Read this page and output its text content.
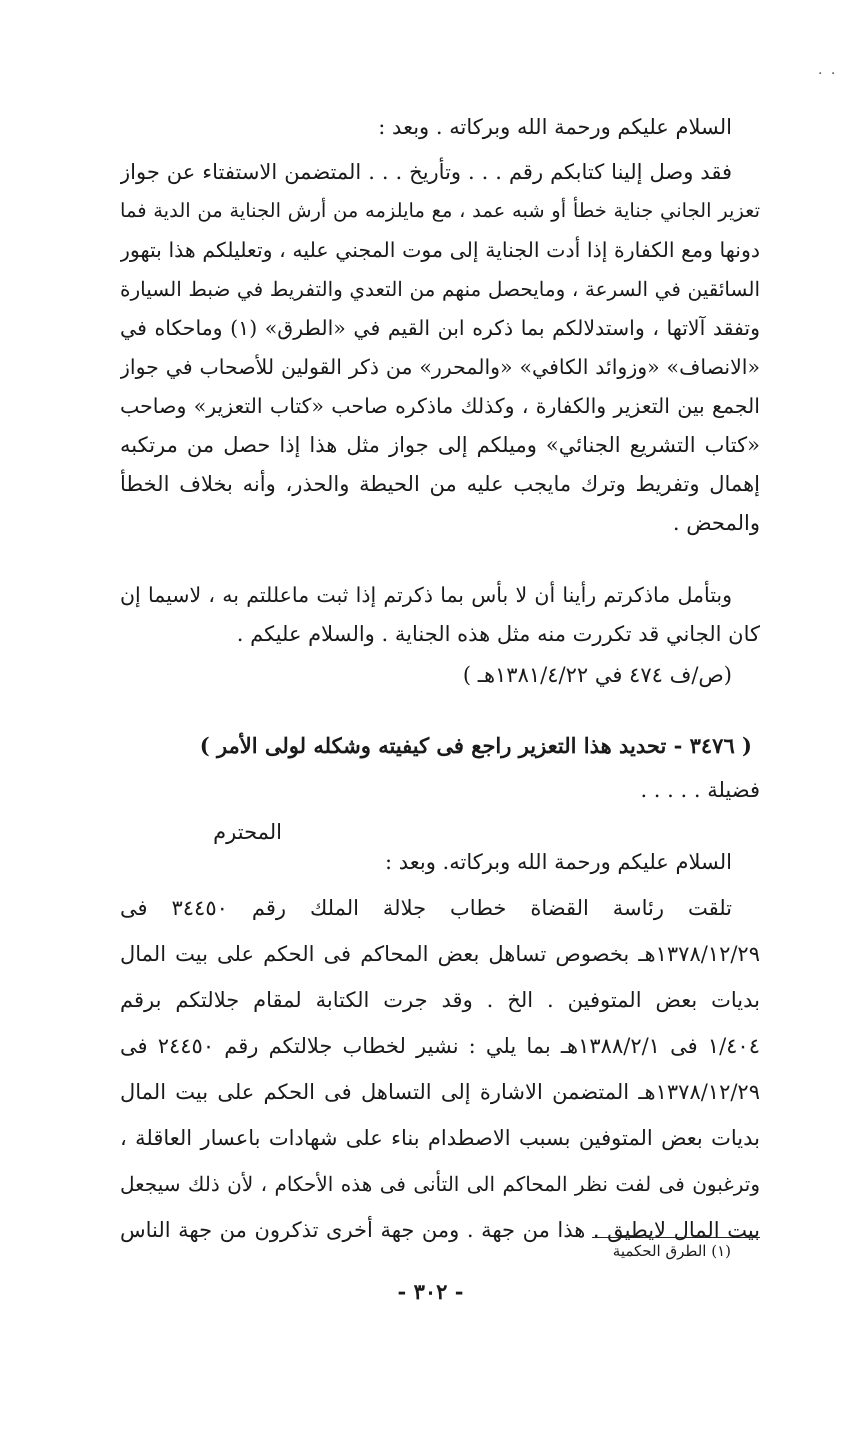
. .
السلام عليكم ورحمة الله وبركاته . وبعد :
فقد وصل إلينا كتابكم رقم . . . وتأريخ . . . المتضمن الاستفتاء عن جواز
تعزير الجاني جناية خطأ أو شبه عمد ، مع مايلزمه من أرش الجناية من الدية فما
دونها ومع الكفارة إذا أدت الجناية إلى موت المجني عليه ، وتعليلكم هذا بتهور
السائقين في السرعة ، ومايحصل منهم من التعدي والتفريط في ضبط السيارة
وتفقد آلاتها ، واستدلالكم بما ذكره ابن القيم في «الطرق» (١) وماحكاه في
«الانصاف» «وزوائد الكافي» «والمحرر» من ذكر القولين للأصحاب في جواز
الجمع بين التعزير والكفارة ، وكذلك ماذكره صاحب «كتاب التعزير» وصاحب
«كتاب التشريع الجنائي» وميلكم إلى جواز مثل هذا إذا حصل من مرتكبه
إهمال وتفريط وترك مايجب عليه من الحيطة والحذر، وأنه بخلاف الخطأ
والمحض .
وبتأمل ماذكرتم رأينا أن لا بأس بما ذكرتم إذا ثبت ماعللتم به ، لاسيما إن
كان الجاني قد تكررت منه مثل هذه الجناية . والسلام عليكم .
(ص/ف ٤٧٤ في ١٣٨١/٤/٢٢هـ )
( ٣٤٧٦ - تحديد هذا التعزير راجع فى كيفيته وشكله لولى الأمر )
فضيلة . . . . .
المحترم
السلام عليكم ورحمة الله وبركاته. وبعد :
تلقت رئاسة القضاة خطاب جلالة الملك رقم ٣٤٤٥٠ فى
١٣٧٨/١٢/٢٩هـ بخصوص تساهل بعض المحاكم فى الحكم على بيت المال
بديات بعض المتوفين . الخ . وقد جرت الكتابة لمقام جلالتكم برقم
١/٤٠٤ فى ١٣٨٨/٢/١هـ بما يلي : نشير لخطاب جلالتكم رقم ٢٤٤٥٠ فى
١٣٧٨/١٢/٢٩هـ المتضمن الاشارة إلى التساهل فى الحكم على بيت المال
بديات بعض المتوفين بسبب الاصطدام بناء على شهادات باعسار العاقلة ،
وترغبون فى لفت نظر المحاكم الى التأنى فى هذه الأحكام ، لأن ذلك سيجعل
بيت المال لايطيق . هذا من جهة . ومن جهة أخرى تذكرون من جهة الناس
(١) الطرق الحكمية
- ٣٠٢ -
